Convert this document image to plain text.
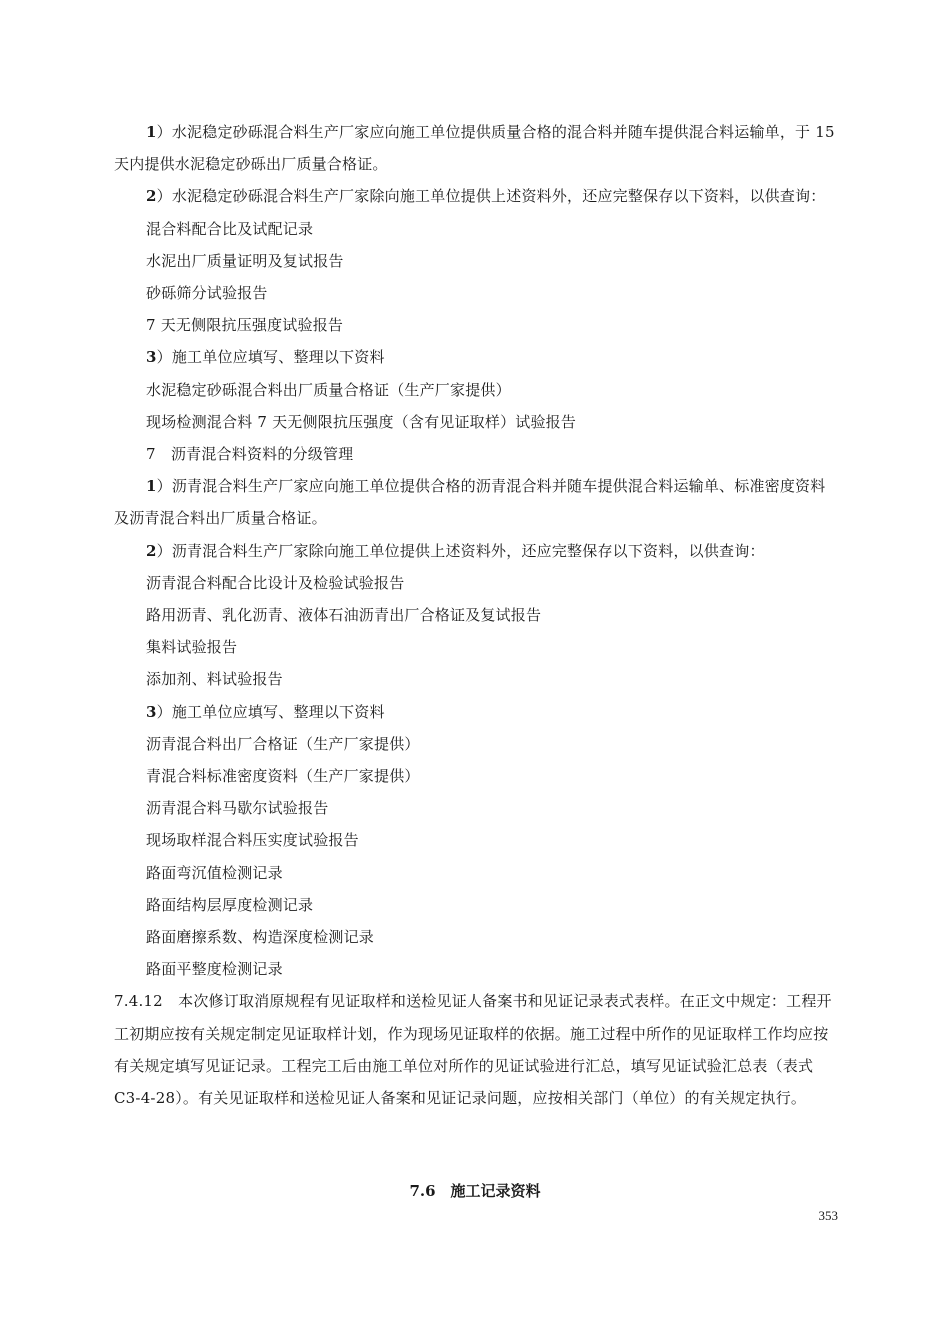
1）水泥稳定砂砾混合料生产厂家应向施工单位提供质量合格的混合料并随车提供混合料运输单，于 15 天内提供水泥稳定砂砾出厂质量合格证。
2）水泥稳定砂砾混合料生产厂家除向施工单位提供上述资料外，还应完整保存以下资料，以供查询：
混合料配合比及试配记录
水泥出厂质量证明及复试报告
砂砾筛分试验报告
7 天无侧限抗压强度试验报告
3）施工单位应填写、整理以下资料
水泥稳定砂砾混合料出厂质量合格证（生产厂家提供）
现场检测混合料 7 天无侧限抗压强度（含有见证取样）试验报告
7　沥青混合料资料的分级管理
1）沥青混合料生产厂家应向施工单位提供合格的沥青混合料并随车提供混合料运输单、标准密度资料及沥青混合料出厂质量合格证。
2）沥青混合料生产厂家除向施工单位提供上述资料外，还应完整保存以下资料，以供查询：
沥青混合料配合比设计及检验试验报告
路用沥青、乳化沥青、液体石油沥青出厂合格证及复试报告
集料试验报告
添加剂、料试验报告
3）施工单位应填写、整理以下资料
沥青混合料出厂合格证（生产厂家提供）
青混合料标准密度资料（生产厂家提供）
沥青混合料马歇尔试验报告
现场取样混合料压实度试验报告
路面弯沉值检测记录
路面结构层厚度检测记录
路面磨擦系数、构造深度检测记录
路面平整度检测记录
7.4.12　 本次修订取消原规程有见证取样和送检见证人备案书和见证记录表式表样。在正文中规定：工程开工初期应按有关规定制定见证取样计划，作为现场见证取样的依据。施工过程中所作的见证取样工作均应按有关规定填写见证记录。工程完工后由施工单位对所作的见证试验进行汇总，填写见证试验汇总表（表式 C3-4-28）。有关见证取样和送检见证人备案和见证记录问题，应按相关部门（单位）的有关规定执行。
7.6　施工记录资料
353
